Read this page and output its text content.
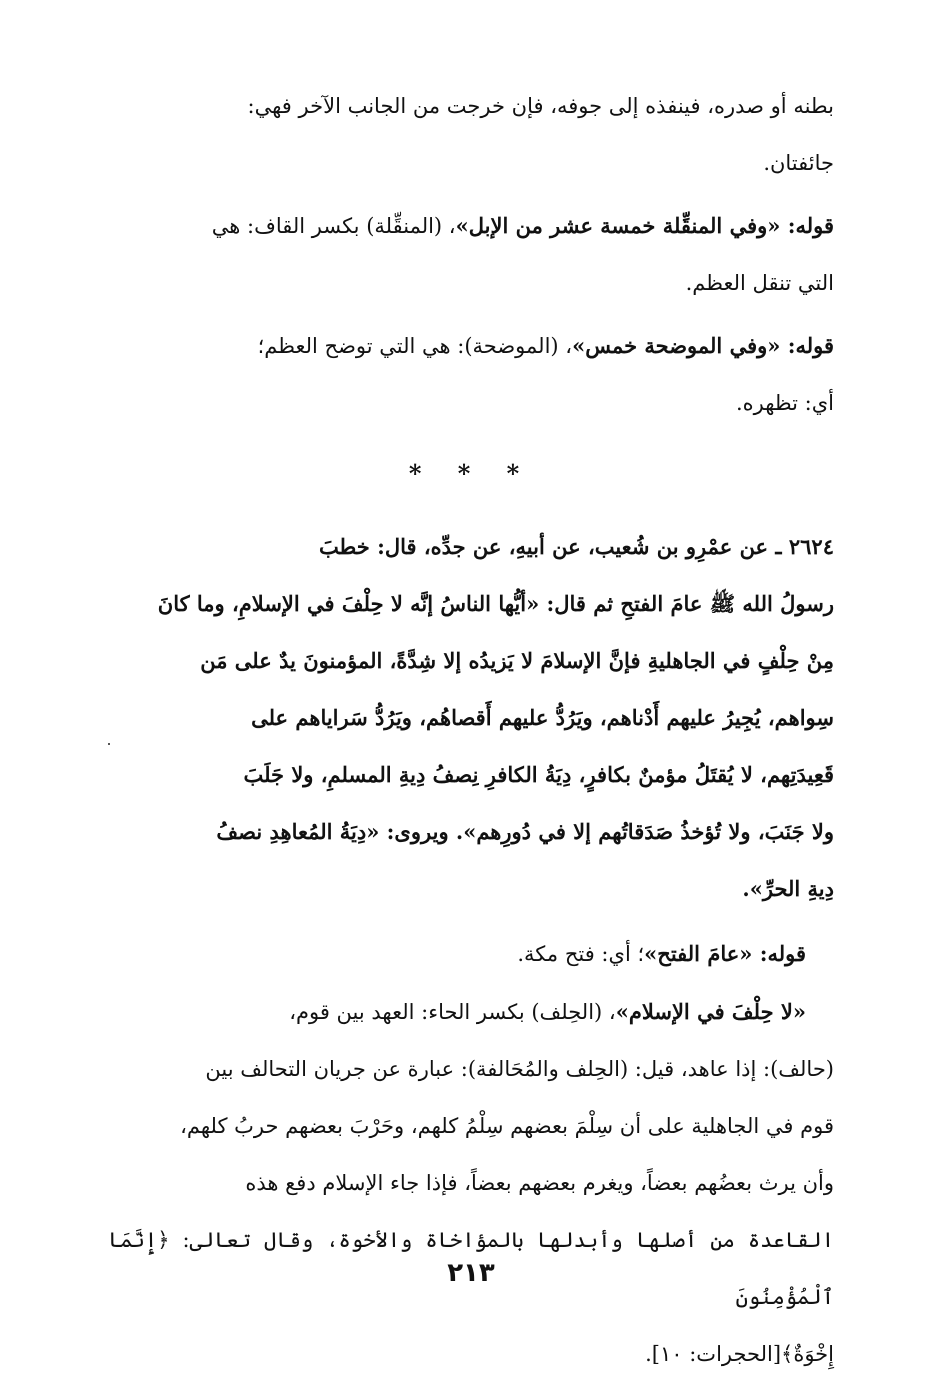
بطنه أو صدره، فينفذه إلى جوفه، فإن خرجت من الجانب الآخر فهي:
جائفتان.

قوله: «وفي المنقِّلة خمسة عشر من الإبل»، (المنقِّلة) بكسر القاف: هي
التي تنقل العظم.

قوله: «وفي الموضحة خمس»، (الموضحة): هي التي توضح العظم؛
أي: تظهره.

* * *

٢٦٢٤ ـ عن عمْرِو بن شُعيب، عن أبيهِ، عن جدِّه، قال: خطبَ
رسولُ الله ﷺ عامَ الفتحِ ثم قال: «أيُّها الناسُ إنَّه لا حِلْفَ في الإسلامِ، وما كانَ
مِنْ حِلْفٍ في الجاهليةِ فإنَّ الإسلامَ لا يَزيدُه إلا شِدَّةً، المؤمنونَ يدٌ على مَن
سِواهم، يُجِيرُ عليهم أَدْناهم، ويَرُدُّ عليهم أَقصاهُم، ويَرُدُّ سَراياهم على
قَعِيدَتِهم، لا يُقتَلُ مؤمنٌ بكافرٍ، دِيَةُ الكافرِ نِصفُ دِيةِ المسلمِ، ولا جَلَبَ
ولا جَنَبَ، ولا تُؤخذُ صَدَقاتُهم إلا في دُورِهم». ويروى: «دِيَةُ المُعاهِدِ نصفُ
دِيةِ الحرِّ».

قوله: «عامَ الفتح»؛ أي: فتح مكة.

«لا حِلْفَ في الإسلام»، (الحِلف) بكسر الحاء: العهد بين قوم،
(حالف): إذا عاهد، قيل: (الحِلف والمُحَالفة): عبارة عن جريان التحالف بين
قوم في الجاهلية على أن سِلْمَ بعضهم سِلْمُ كلهم، وحَرْبَ بعضهم حربُ كلهم،
وأن يرث بعضُهم بعضاً، ويغرم بعضهم بعضاً، فإذا جاء الإسلام دفع هذه
القاعدة من أصلها وأبدلها بالمؤاخاة والأخوة، وقال تعالى: ﴿إِنَّمَا ٱلْمُؤْمِنُونَ
إِخْوَةٌ﴾[الحجرات: ١٠].

٢١٣
